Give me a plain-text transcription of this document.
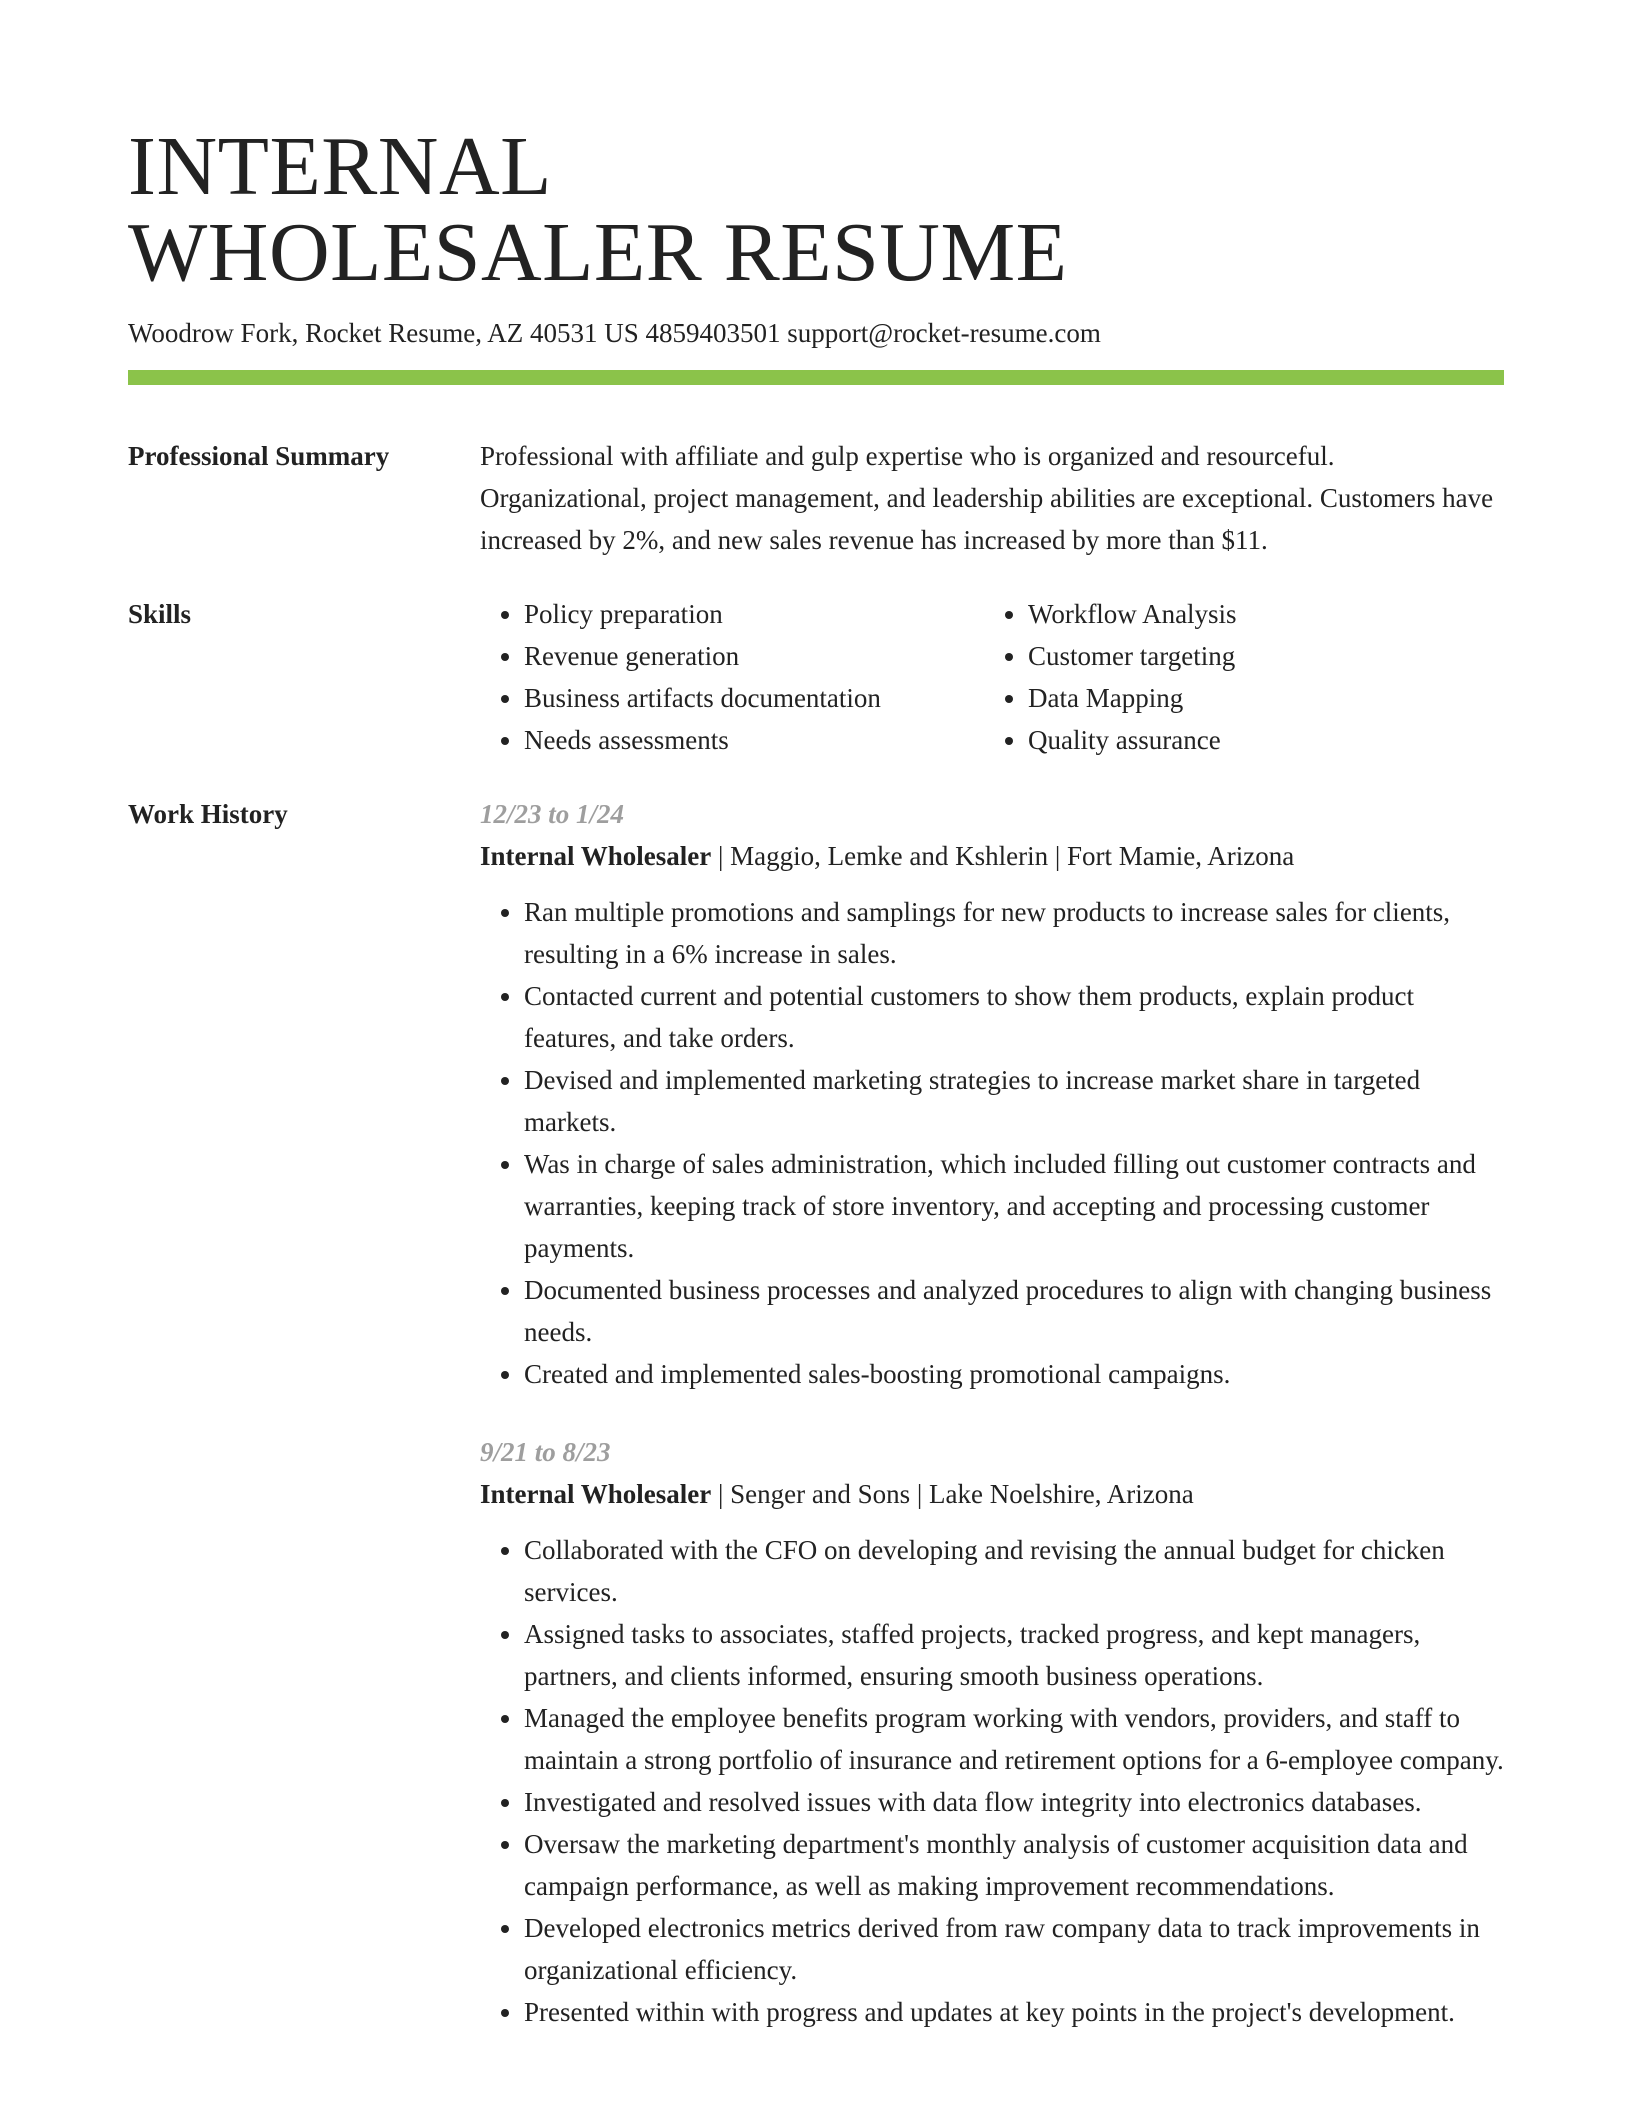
INTERNAL
WHOLESALER RESUME
Woodrow Fork, Rocket Resume, AZ 40531 US 4859403501 support@rocket-resume.com
Professional Summary	Professional with affiliate and gulp expertise who is organized and resourceful. Organizational, project management, and leadership abilities are exceptional. Customers have increased by 2%, and new sales revenue has increased by more than $11.
Skills
•	Policy preparation
• Revenue generation
• Business artifacts documentation
• Needs assessments
• Workflow Analysis
• Customer targeting
• Data Mapping
• Quality assurance
Work History	12/23 to 1/24
Internal Wholesaler | Maggio, Lemke and Kshlerin | Fort Mamie, Arizona
• Ran multiple promotions and samplings for new products to increase sales for clients, resulting in a 6% increase in sales.
• Contacted current and potential customers to show them products, explain product features, and take orders.
• Devised and implemented marketing strategies to increase market share in targeted markets.
• Was in charge of sales administration, which included filling out customer contracts and warranties, keeping track of store inventory, and accepting and processing customer payments.
• Documented business processes and analyzed procedures to align with changing business needs.
• Created and implemented sales-boosting promotional campaigns.
9/21 to 8/23
Internal Wholesaler | Senger and Sons | Lake Noelshire, Arizona
• Collaborated with the CFO on developing and revising the annual budget for chicken services.
• Assigned tasks to associates, staffed projects, tracked progress, and kept managers, partners, and clients informed, ensuring smooth business operations.
• Managed the employee benefits program working with vendors, providers, and staff to maintain a strong portfolio of insurance and retirement options for a 6-employee company.
• Investigated and resolved issues with data flow integrity into electronics databases.
• Oversaw the marketing department's monthly analysis of customer acquisition data and campaign performance, as well as making improvement recommendations.
• Developed electronics metrics derived from raw company data to track improvements in organizational efficiency.
• Presented within with progress and updates at key points in the project's development.
